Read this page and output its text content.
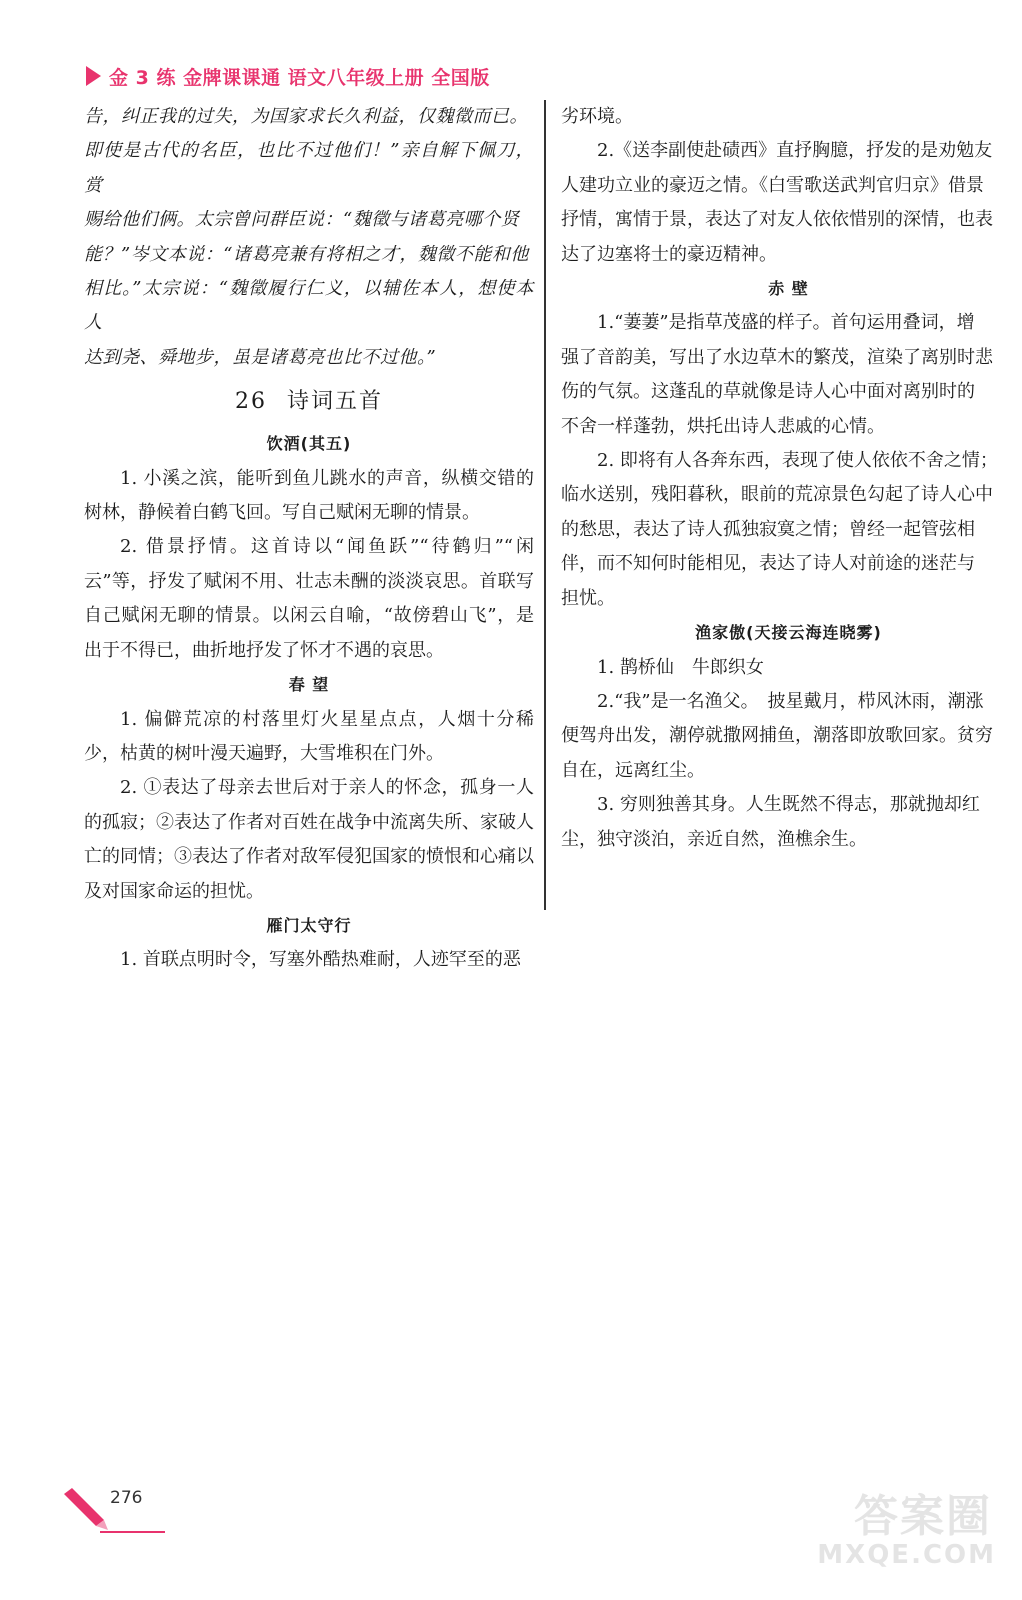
金 3 练 金牌课课通 语文八年级上册 全国版

告，纠正我的过失，为国家求长久利益，仅魏徵而已。

即使是古代的名臣，也比不过他们！”亲自解下佩刀，赏

赐给他们俩。太宗曾问群臣说：“魏徵与诸葛亮哪个贤

能？”岑文本说：“诸葛亮兼有将相之才，魏徵不能和他

相比。”太宗说：“魏徵履行仁义，以辅佐本人，想使本人

达到尧、舜地步，虽是诸葛亮也比不过他。”

26 诗词五首
饮酒(其五)

1. 小溪之滨，能听到鱼儿跳水的声音，纵横交错的树林，静候着白鹤飞回。写自己赋闲无聊的情景。

2. 借景抒情。这首诗以“闻鱼跃”“待鹤归”“闲云”等，抒发了赋闲不用、壮志未酬的淡淡哀思。首联写自己赋闲无聊的情景。以闲云自喻，“故傍碧山飞”，是出于不得已，曲折地抒发了怀才不遇的哀思。

春 望

1. 偏僻荒凉的村落里灯火星星点点，人烟十分稀少，枯黄的树叶漫天遍野，大雪堆积在门外。

2. ①表达了母亲去世后对于亲人的怀念，孤身一人的孤寂；②表达了作者对百姓在战争中流离失所、家破人亡的同情；③表达了作者对敌军侵犯国家的愤恨和心痛以及对国家命运的担忧。

雁门太守行

1. 首联点明时令，写塞外酷热难耐，人迹罕至的恶

劣环境。

　　2.《送李副使赴碛西》直抒胸臆，抒发的是劝勉友

人建功立业的豪迈之情。《白雪歌送武判官归京》借景

抒情，寓情于景，表达了对友人依依惜别的深情，也表

达了边塞将士的豪迈精神。

赤 壁

　　1.“萋萋”是指草茂盛的样子。首句运用叠词，增

强了音韵美，写出了水边草木的繁茂，渲染了离别时悲

伤的气氛。这蓬乱的草就像是诗人心中面对离别时的

不舍一样蓬勃，烘托出诗人悲戚的心情。

　　2. 即将有人各奔东西，表现了使人依依不舍之情；

临水送别，残阳暮秋，眼前的荒凉景色勾起了诗人心中

的愁思，表达了诗人孤独寂寞之情；曾经一起管弦相

伴，而不知何时能相见，表达了诗人对前途的迷茫与

担忧。

渔家傲(天接云海连晓雾)

　　1. 鹊桥仙　牛郎织女

　　2.“我”是一名渔父。　披星戴月，栉风沐雨，潮涨

便驾舟出发，潮停就撒网捕鱼，潮落即放歌回家。贫穷

自在，远离红尘。

　　3. 穷则独善其身。人生既然不得志，那就抛却红

尘，独守淡泊，亲近自然，渔樵余生。

276	答案圈
MXQE.COM
